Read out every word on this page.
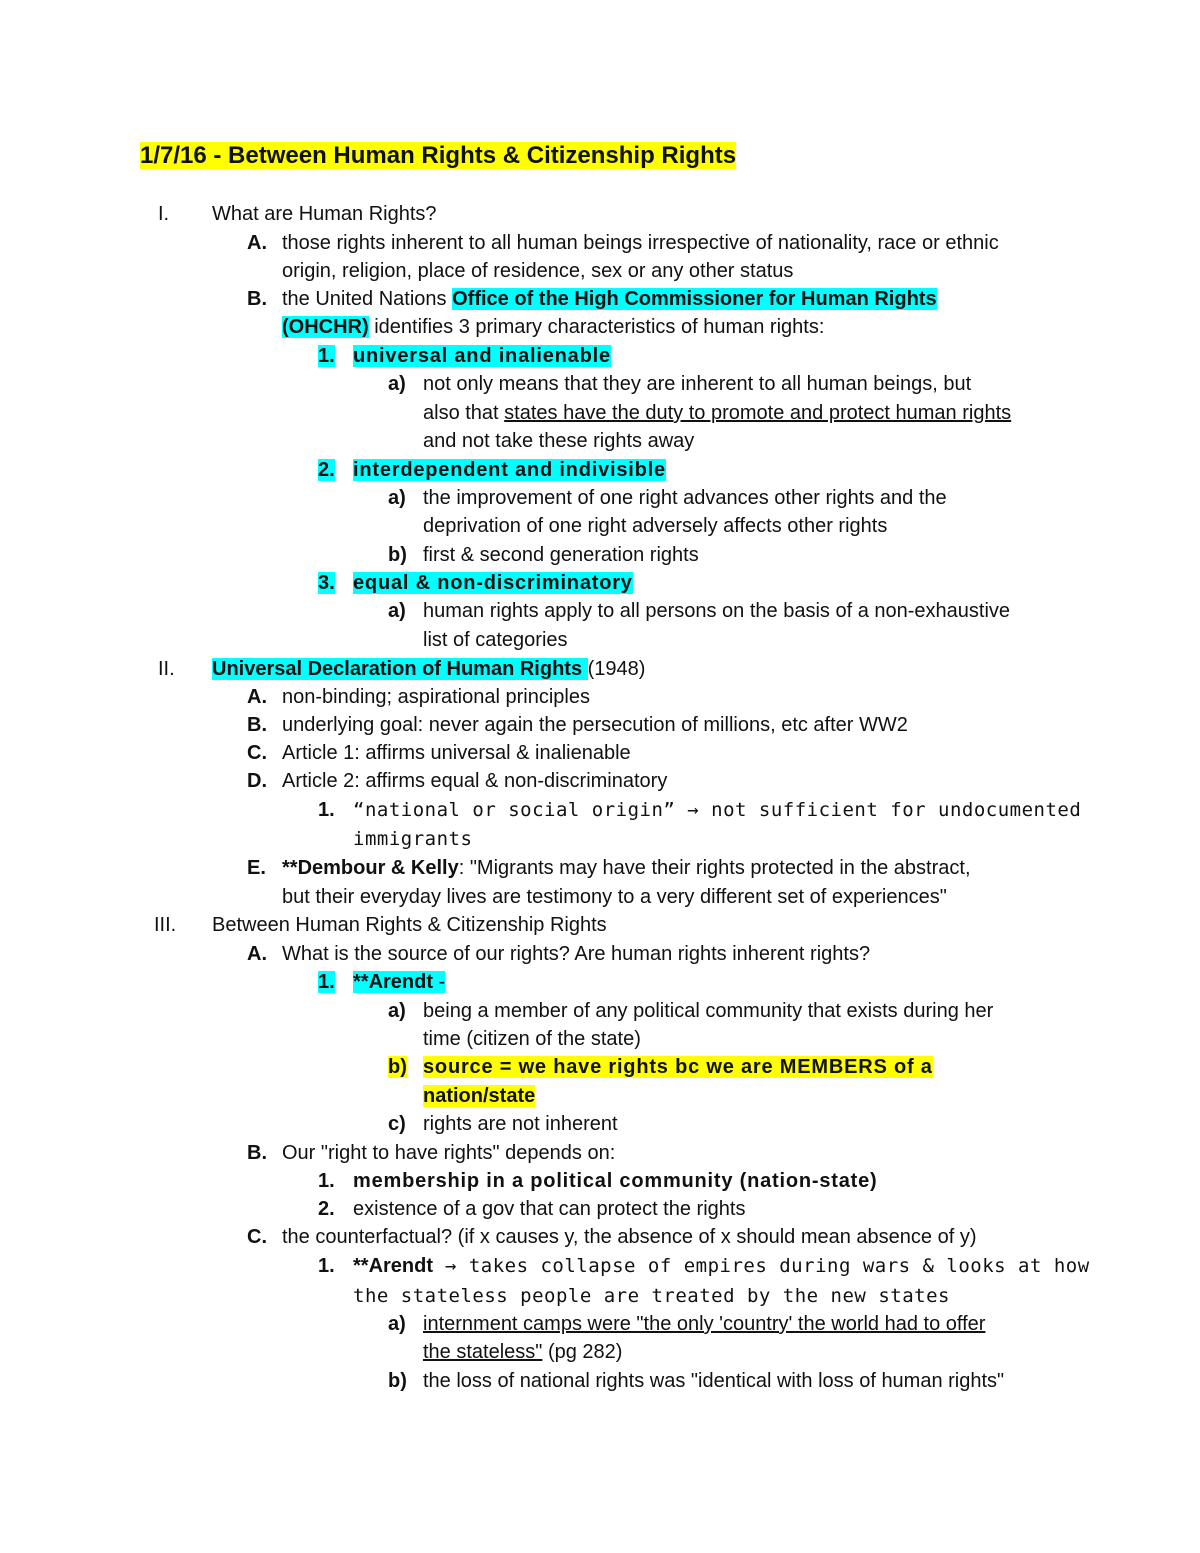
1/7/16 - Between Human Rights & Citizenship Rights
I. What are Human Rights?
A. those rights inherent to all human beings irrespective of nationality, race or ethnic
origin, religion, place of residence, sex or any other status
B. the United Nations Office of the High Commissioner for Human Rights
(OHCHR) identifies 3 primary characteristics of human rights:
1. universal and inalienable
a) not only means that they are inherent to all human beings, but
also that states have the duty to promote and protect human rights
and not take these rights away
2. interdependent and indivisible
a) the improvement of one right advances other rights and the
deprivation of one right adversely affects other rights
b) first & second generation rights
3. equal & non-discriminatory
a) human rights apply to all persons on the basis of a non-exhaustive
list of categories
II. Universal Declaration of Human Rights (1948)
A. non-binding; aspirational principles
B. underlying goal: never again the persecution of millions, etc after WW2
C. Article 1: affirms universal & inalienable
D. Article 2: affirms equal & non-discriminatory
1. “national or social origin” → not sufficient for undocumented
immigrants
E. **Dembour & Kelly: "Migrants may have their rights protected in the abstract,
but their everyday lives are testimony to a very different set of experiences"
III. Between Human Rights & Citizenship Rights
A. What is the source of our rights? Are human rights inherent rights?
1. **Arendt -
a) being a member of any political community that exists during her
time (citizen of the state)
b) source = we have rights bc we are MEMBERS of a
nation/state
c) rights are not inherent
B. Our "right to have rights" depends on:
1. membership in a political community (nation-state)
2. existence of a gov that can protect the rights
C. the counterfactual? (if x causes y, the absence of x should mean absence of y)
1. **Arendt → takes collapse of empires during wars & looks at how
the stateless people are treated by the new states
a) internment camps were "the only 'country' the world had to offer
the stateless" (pg 282)
b) the loss of national rights was "identical with loss of human rights"
